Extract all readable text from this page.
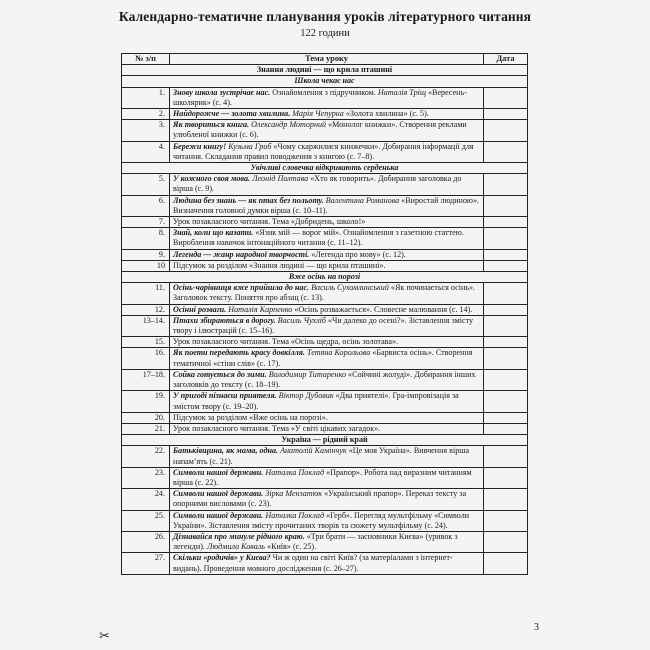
Календарно-тематичне планування уроків літературного читання
122 години
№ з/п	Тема уроку	Дата
Знання людині — що крила пташині		
Школа чекає нас		
1.	Знову школа зустрічає нас. Ознайомлення з підручником. Наталія Тріщ «Вересень-школярик» (с. 4).	
2.	Найдорожче — золота хвилина. Марія Чепурна «Золота хвилина» (с. 5).	
3.	Як твориться книга. Олександр Моторний «Монолог книжки». Створення реклами улюбленої книжки (с. 6).	
4.	Бережи книгу! Кузьма Гриб «Чому скаржилися книжечки». Добирання інформації для читання. Складання правил поводження з книгою (с. 7–8).	
Увічливі словечка відкривають серденька		
5.	У кожного своя мова. Леонід Полтава «Хто як говорить». Добирання заголовка до вірша (с. 9).	
6.	Людина без знань — як птах без польоту. Валентина Романова «Виростай людиною». Визначення головної думки вірша (с. 10–11).	
7.	Урок позакласного читання. Тема «Добридень, школо!»	
8.	Знай, коли що казати. «Язик мій — ворог мій». Ознайомлення з газетною статтею. Вироблення навичок інтонаційного читання (с. 11–12).	
9.	Легенда — жанр народної творчості. «Легенда про мову» (с. 12).	
10	Підсумок за розділом «Знання людині — що крила пташині».	
Вже осінь на порозі		
11.	Осінь-чарівниця вже прийшла до нас. Василь Сухомлинський «Як починається осінь». Заголовок тексту. Поняття про абзац (с. 13).	
12.	Осінні розваги. Наталія Карпенко «Осінь розважається». Словесне малювання (с. 14).	
13–14.	Птахи збираються в дорогу. Василь Чухліб «Чи далеко до осені?». Зіставлення змісту твору і ілюстрацій (с. 15–16).	
15.	Урок позакласного читання. Тема «Осінь щедра, осінь золотава».	
16.	Як поети передають красу довкілля. Тетяна Корольова «Барвиста осінь». Створення тематичної «стіни слів» (с. 17).	
17–18.	Сойка готується до зими. Володимир Титаренко «Сойчині жолуді». Добирання інших заголовків до тексту (с. 18–19).	
19.	У пригоді пізнаєш приятеля. Віктор Дубовик «Два приятелі». Гра-імпровізація за змістом твору (с. 19–20).	
20.	Підсумок за розділом «Вже осінь на порозі».	
21.	Урок позакласного читання. Тема «У світі цікавих загадок».	
Україна — рідний край		
22.	Батьківщина, як мама, одна. Анатолій Камінчук «Це моя Україна». Вивчення вірша напам’ять (с. 21).	
23.	Символи нашої держави. Наталка Поклад «Прапор». Робота над виразним читанням вірша (с. 22).	
24.	Символи нашої держави. Зірка Мензатюк «Український прапор». Переказ тексту за опорними висловами (с. 23).	
25.	Символи нашої держави. Наталка Поклад «Герб». Перегляд мультфільму «Символи України». Зіставлення змісту прочитаних творів та сюжету мультфільму (с. 24).	
26.	Дізнавайся про минуле рідного краю. «Три брати — засновники Києва» (уривок з легенди). Людмила Коваль «Київ» (с. 25).	
27.	Скільки «родичів» у Києва? Чи ж один на світі Київ? (за матеріалами з інтернет-видань). Проведення мовного дослідження (с. 26–27).	
✂
3
